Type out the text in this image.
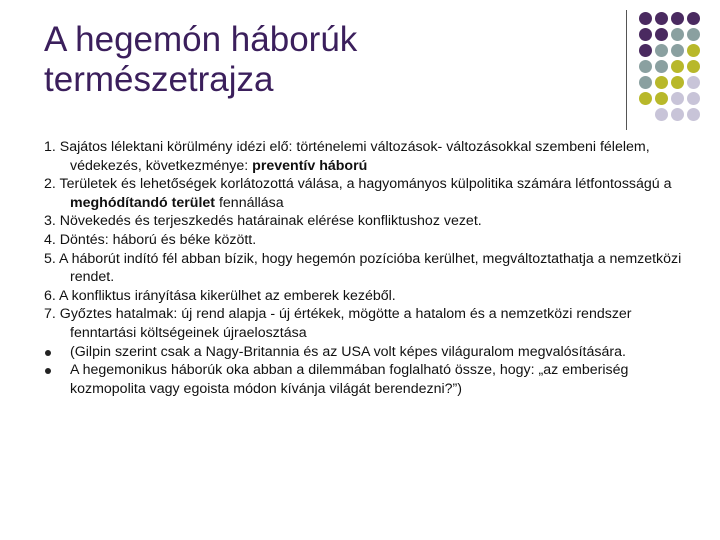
A hegemón háborúk
természetrajza
1. Sajátos lélektani körülmény idézi elő: történelemi változások- változásokkal szembeni félelem, védekezés, következménye: preventív háború
2. Területek és lehetőségek korlátozottá válása, a hagyományos külpolitika számára létfontosságú a meghódítandó terület fennállása
3. Növekedés és terjeszkedés határainak elérése konfliktushoz vezet.
4. Döntés: háború és béke között.
5. A háborút indító fél abban bízik, hogy hegemón pozícióba kerülhet, megváltoztathatja a nemzetközi rendet.
6. A konfliktus irányítása kikerülhet az emberek kezéből.
7. Győztes hatalmak: új rend alapja - új értékek, mögötte a hatalom és a nemzetközi rendszer fenntartási költségeinek újraelosztása
(Gilpin szerint csak a Nagy-Britannia és az USA volt képes világuralom megvalósítására.
A hegemonikus háborúk oka abban a dilemmában foglalható össze, hogy: „az emberiség kozmopolita vagy egoista módon kívánja világát berendezni?”)
